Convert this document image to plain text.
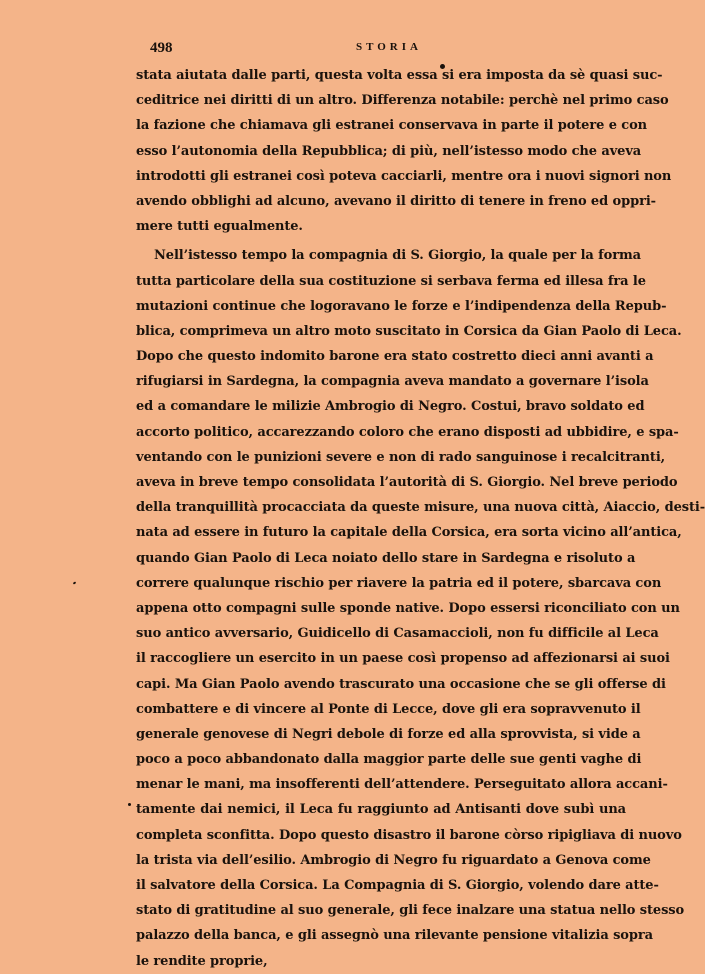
498	STORIA
stata aiutata dalle parti, questa volta essa si era imposta da sè quasi suc-
ceditrice nei diritti di un altro. Differenza notabile: perchè nel primo caso
la fazione che chiamava gli estranei conservava in parte il potere e con
esso l’autonomia della Repubblica; di più, nell’istesso modo che aveva
introdotti gli estranei così poteva cacciarli, mentre ora i nuovi signori non
avendo obblighi ad alcuno, avevano il diritto di tenere in freno ed oppri-
mere tutti egualmente.
Nell’istesso tempo la compagnia di S. Giorgio, la quale per la forma
tutta particolare della sua costituzione si serbava ferma ed illesa fra le
mutazioni continue che logoravano le forze e l’indipendenza della Repub-
blica, comprimeva un altro moto suscitato in Corsica da Gian Paolo di Leca.
Dopo che questo indomito barone era stato costretto dieci anni avanti a
rifugiarsi in Sardegna, la compagnia aveva mandato a governare l’isola
ed a comandare le milizie Ambrogio di Negro. Costui, bravo soldato ed
accorto politico, accarezzando coloro che erano disposti ad ubbidire, e spa-
ventando con le punizioni severe e non di rado sanguinose i recalcitranti,
aveva in breve tempo consolidata l’autorità di S. Giorgio. Nel breve periodo
della tranquillità procacciata da queste misure, una nuova città, Aiaccio, desti-
nata ad essere in futuro la capitale della Corsica, era sorta vicino all’antica,
quando Gian Paolo di Leca noiato dello stare in Sardegna e risoluto a
correre qualunque rischio per riavere la patria ed il potere, sbarcava con
appena otto compagni sulle sponde native. Dopo essersi riconciliato con un
suo antico avversario, Guidicello di Casamaccioli, non fu difficile al Leca
il raccogliere un esercito in un paese così propenso ad affezionarsi ai suoi
capi. Ma Gian Paolo avendo trascurato una occasione che se gli offerse di
combattere e di vincere al Ponte di Lecce, dove gli era sopravvenuto il
generale genovese di Negri debole di forze ed alla sprovvista, si vide a
poco a poco abbandonato dalla maggior parte delle sue genti vaghe di
menar le mani, ma insofferenti dell’attendere. Perseguitato allora accani-
tamente dai nemici, il Leca fu raggiunto ad Antisanti dove subì una
completa sconfitta. Dopo questo disastro il barone còrso ripigliava di nuovo
la trista via dell’esilio. Ambrogio di Negro fu riguardato a Genova come
il salvatore della Corsica. La Compagnia di S. Giorgio, volendo dare atte-
stato di gratitudine al suo generale, gli fece inalzare una statua nello stesso
palazzo della banca, e gli assegnò una rilevante pensione vitalizia sopra
le rendite proprie,
